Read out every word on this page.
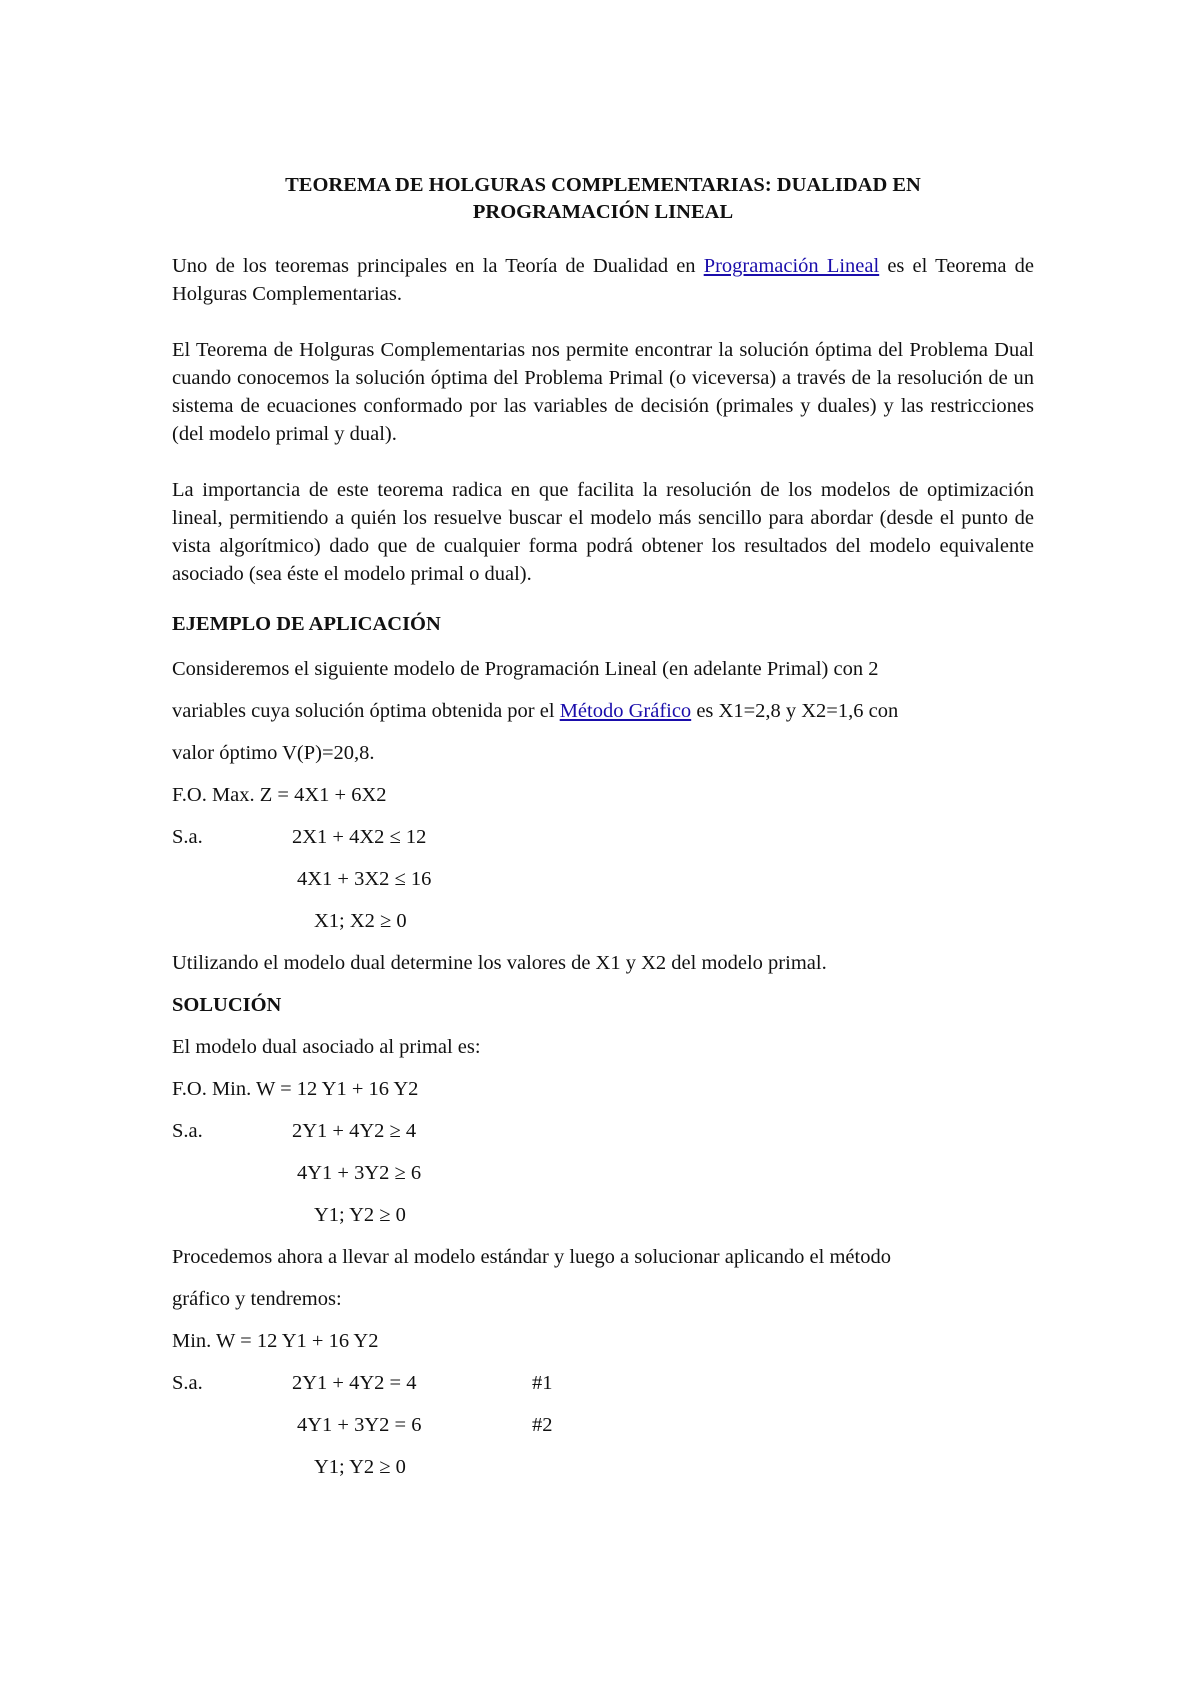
TEOREMA DE HOLGURAS COMPLEMENTARIAS: DUALIDAD EN
PROGRAMACIÓN LINEAL

Uno de los teoremas principales en la Teoría de Dualidad en Programación Lineal es el Teorema de Holguras Complementarias.

El Teorema de Holguras Complementarias nos permite encontrar la solución óptima del Problema Dual cuando conocemos la solución óptima del Problema Primal (o viceversa) a través de la resolución de un sistema de ecuaciones conformado por las variables de decisión (primales y duales) y las restricciones (del modelo primal y dual).

La importancia de este teorema radica en que facilita la resolución de los modelos de optimización lineal, permitiendo a quién los resuelve buscar el modelo más sencillo para abordar (desde el punto de vista algorítmico) dado que de cualquier forma podrá obtener los resultados del modelo equivalente asociado (sea éste el modelo primal o dual).

EJEMPLO DE APLICACIÓN

Consideremos el siguiente modelo de Programación Lineal (en adelante Primal) con 2

variables cuya solución óptima obtenida por el Método Gráfico es X1=2,8 y X2=1,6 con

valor óptimo V(P)=20,8.

F.O. Max. Z = 4X1 + 6X2

S.a.	2X1 + 4X2 ≤ 12

4X1 + 3X2 ≤ 16

X1; X2 ≥ 0

Utilizando el modelo dual determine los valores de X1 y X2 del modelo primal.

SOLUCIÓN

El modelo dual asociado al primal es:

F.O. Min. W = 12 Y1 + 16 Y2

S.a.	2Y1 + 4Y2 ≥ 4

4Y1 + 3Y2 ≥ 6

Y1; Y2 ≥ 0

Procedemos ahora a llevar al modelo estándar y luego a solucionar aplicando el método

gráfico y tendremos:

Min. W = 12 Y1 + 16 Y2

S.a.	2Y1 + 4Y2 = 4	#1

4Y1 + 3Y2 = 6	#2

Y1; Y2 ≥ 0
